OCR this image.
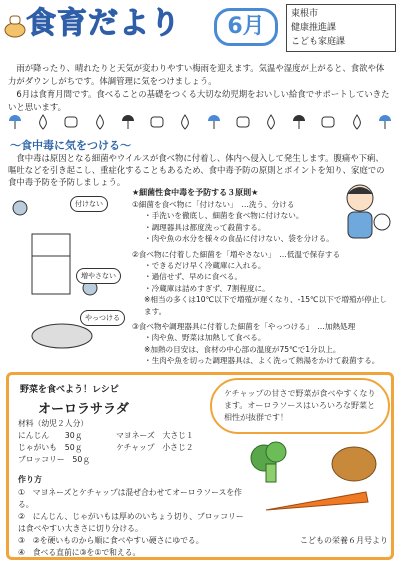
食育だより	6月	東根市
健康推進課
こども家庭課

雨が降ったり、晴れたりと天気が変わりやすい梅雨を迎えます。気温や湿度が上がると、食欲や体力がダウンしがちです。体調管理に気をつけましょう。

6月は食育月間です。食べることの基礎をつくる大切な幼児期をおいしい給食でサポートしていきたいと思います。

～食中毒に気をつける～
食中毒は原因となる細菌やウイルスが食べ物に付着し、体内へ侵入して発生します。腹痛や下痢、嘔吐などを引き起こし、重症化することもあるため、食中毒予防の原則とポイントを知り、家庭での食中毒予防を予防しましょう。
付けない
増やさない
やっつける
★細菌性食中毒を予防する３原則★
①細菌を食べ物に「付けない」　…洗う、分ける
・手洗いを徹底し、細菌を食べ物に付けない。
・調理器具は都度洗って殺菌する。
・肉や魚の水分を様々の食品に付けない、袋を分ける。
②食べ物に付着した細菌を「増やさない」　…低温で保存する
・できるだけ早く冷蔵庫に入れる。
・過信せず、早めに食べる。
・冷蔵庫は詰めすぎず、7割程度に。
※相当の多くは10℃以下で増殖が遅くなり、-15℃以下で増殖が停止します。
③食べ物や調理器具に付着した細菌を「やっつける」　…加熱処理
・肉や魚、野菜は加熱して食べる。
※加熱の目安は、食材の中心部の温度が75℃で1分以上。
・生肉や魚を切った調理器具は、よく洗って熱湯をかけて殺菌する。
野菜を食べよう！レシピ
オーロラサラダ
材料（幼児２人分）
にんじん　　30ｇ
じゃがいも　50ｇ
ブロッコリー　50ｇ
マヨネーズ　大さじ１
ケチャップ　小さじ２
ケチャップの甘さで野菜が食べやすくなります。オーロラソースはいろいろな野菜と相性が抜群です！
作り方
①　マヨネーズとケチャップは混ぜ合わせてオーロラソースを作る。
②　にんじん、じゃがいもは厚めのいちょう切り、ブロッコリーは食べやすい大きさに切り分ける。
③　②を硬いものから順に食べやすい硬さにゆでる。
④　食べる直前に③を①で和える。
こどもの栄養６月号より
